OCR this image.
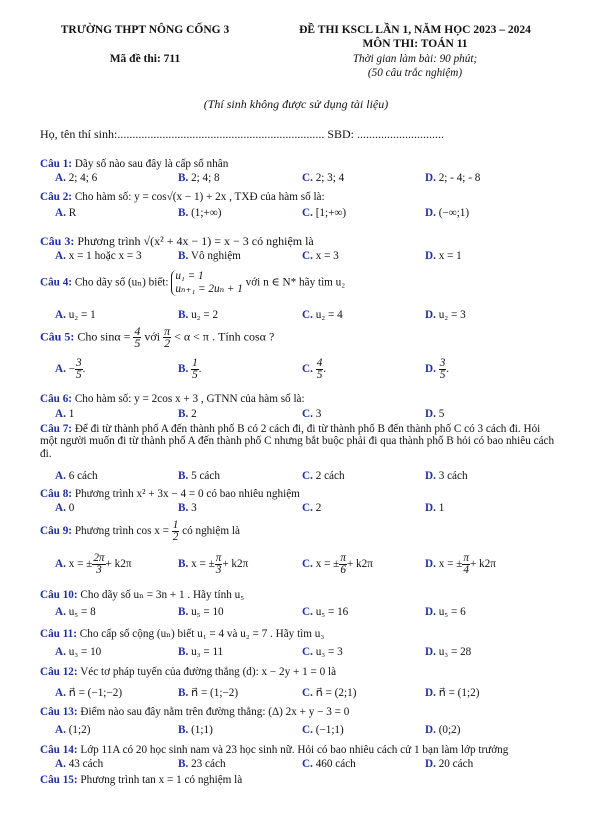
TRƯỜNG THPT NÔNG CỐNG 3
Mã đề thi: 711
ĐỀ THI KSCL LẦN 1, NĂM HỌC 2023 – 2024
MÔN THI: TOÁN 11
Thời gian làm bài: 90 phút;
(50 câu trắc nghiệm)
(Thí sinh không được sử dụng tài liệu)
Họ, tên thí sinh:..................................................................... SBD: .............................
Câu 1: Dãy số nào sau đây là cấp số nhân
A. 2; 4; 6	B. 2; 4; 8	C. 2; 3; 4	D. 2; - 4; - 8
Câu 2: Cho hàm số: y = cos√(x − 1) + 2x , TXĐ của hàm số là:
A. R	B. (1;+∞)	C. [1;+∞)	D. (−∞;1)
Câu 3: Phương trình √(x² + 4x − 1) = x − 3 có nghiệm là
A. x = 1 hoặc x = 3	B. Vô nghiệm	C. x = 3	D. x = 1
Câu 4: Cho dãy số (uₙ) biết:
u₁ = 1
uₙ₊₁ = 2uₙ + 1
với n ∈ N* hãy tìm u₂
A. u₂ = 1	B. u₂ = 2	C. u₂ = 4	D. u₂ = 3
Câu 5: Cho $\sin\alpha = \frac{4}{5}$ với $\frac{\pi}{2} < \alpha < \pi$ . Tính cosα ?
A. − $\frac{3}{5}$ .	B. $\frac{1}{5}$ .	C. $\frac{4}{5}$ .	D. $\frac{3}{5}$ .
Câu 6: Cho hàm số: y = 2cos x + 3 , GTNN của hàm số là:
A. 1	B. 2	C. 3	D. 5
Câu 7: Để đi từ thành phố A đến thành phố B có 2 cách đi, đi từ thành phố B đến thành phố C có 3 cách đi. Hỏi một người muốn đi từ thành phố A đến thành phố C nhưng bắt buộc phải đi qua thành phố B hỏi có bao nhiêu cách đi.
A. 6 cách	B. 5 cách	C. 2 cách	D. 3 cách
Câu 8: Phương trình x² + 3x − 4 = 0 có bao nhiêu nghiệm
A. 0	B. 3	C. 2	D. 1
Câu 9: Phương trình $\cos x = \frac{1}{2}$ có nghiệm là
A. x = ± $\frac{2\pi}{3} + k2\pi$	B. x = ± $\frac{\pi}{3} + k2\pi$	C. x = ± $\frac{\pi}{6} + k2\pi$	D. x = ± $\frac{\pi}{4} + k2\pi$
Câu 10: Cho dãy số uₙ = 3n + 1 . Hãy tính u₅
A. u₅ = 8	B. u₅ = 10	C. u₅ = 16	D. u₅ = 6
Câu 11: Cho cấp số cộng (uₙ) biết u₁ = 4 và u₂ = 7 . Hãy tìm u₃
A. u₃ = 10	B. u₃ = 11	C. u₃ = 3	D. u₃ = 28
Câu 12: Véc tơ pháp tuyến của đường thẳng (d): x − 2y + 1 = 0 là
A. n⃗ = (−1;−2)	B. n⃗ = (1;−2)	C. n⃗ = (2;1)	D. n⃗ = (1;2)
Câu 13: Điểm nào sau đây nằm trên đường thẳng: (Δ) 2x + y − 3 = 0
A. (1;2)	B. (1;1)	C. (−1;1)	D. (0;2)
Câu 14: Lớp 11A có 20 học sinh nam và 23 học sinh nữ. Hỏi có bao nhiêu cách cử 1 bạn làm lớp trưởng
A. 43 cách	B. 23 cách	C. 460 cách	D. 20 cách
Câu 15: Phương trình tan x = 1 có nghiệm là
